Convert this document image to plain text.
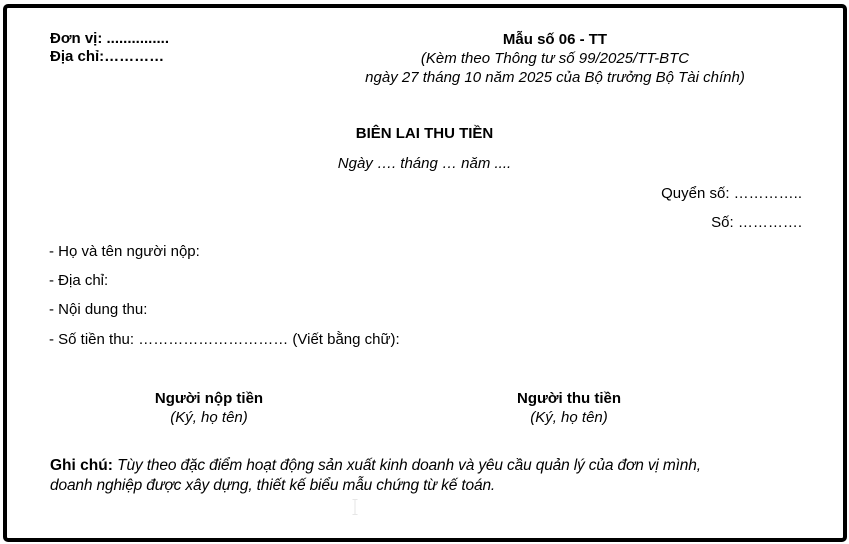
Đơn vị: ...............
Địa chỉ:…………
Mẫu số 06 - TT
(Kèm theo Thông tư số 99/2025/TT-BTC
ngày 27 tháng 10 năm 2025 của Bộ trưởng Bộ Tài chính)
BIÊN LAI THU TIỀN
Ngày …. tháng … năm ....
Quyển số: …………..
Số: ………….
- Họ và tên người nộp:
- Địa chỉ:
- Nội dung thu:
- Số tiền thu: ………………………… (Viết bằng chữ):
Người nộp tiền
(Ký, họ tên)
Người thu tiền
(Ký, họ tên)
Ghi chú: Tùy theo đặc điểm hoạt động sản xuất kinh doanh và yêu cầu quản lý của đơn vị mình,
doanh nghiệp được xây dựng, thiết kế biểu mẫu chứng từ kế toán.
